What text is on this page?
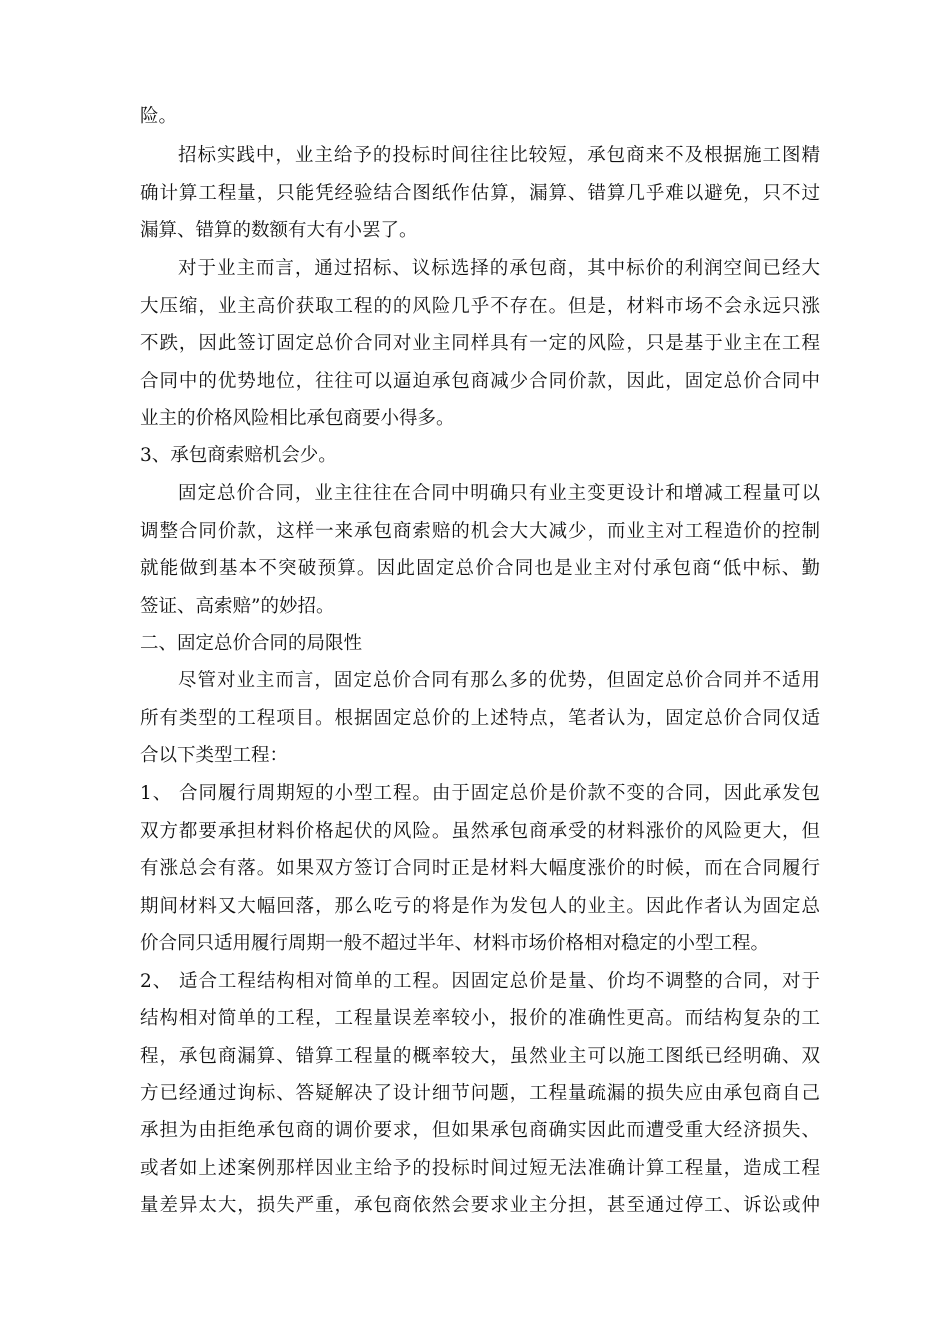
险。
招标实践中，业主给予的投标时间往往比较短，承包商来不及根据施工图精
确计算工程量，只能凭经验结合图纸作估算，漏算、错算几乎难以避免，只不过
漏算、错算的数额有大有小罢了。
对于业主而言，通过招标、议标选择的承包商，其中标价的利润空间已经大
大压缩，业主高价获取工程的的风险几乎不存在。但是，材料市场不会永远只涨
不跌，因此签订固定总价合同对业主同样具有一定的风险，只是基于业主在工程
合同中的优势地位，往往可以逼迫承包商减少合同价款，因此，固定总价合同中
业主的价格风险相比承包商要小得多。
3、承包商索赔机会少。
固定总价合同，业主往往在合同中明确只有业主变更设计和增减工程量可以
调整合同价款，这样一来承包商索赔的机会大大减少，而业主对工程造价的控制
就能做到基本不突破预算。因此固定总价合同也是业主对付承包商“低中标、勤
签证、高索赔”的妙招。
二、固定总价合同的局限性
尽管对业主而言，固定总价合同有那么多的优势，但固定总价合同并不适用
所有类型的工程项目。根据固定总价的上述特点，笔者认为，固定总价合同仅适
合以下类型工程：
1、 合同履行周期短的小型工程。由于固定总价是价款不变的合同，因此承发包
双方都要承担材料价格起伏的风险。虽然承包商承受的材料涨价的风险更大，但
有涨总会有落。如果双方签订合同时正是材料大幅度涨价的时候，而在合同履行
期间材料又大幅回落，那么吃亏的将是作为发包人的业主。因此作者认为固定总
价合同只适用履行周期一般不超过半年、材料市场价格相对稳定的小型工程。
2、 适合工程结构相对简单的工程。因固定总价是量、价均不调整的合同，对于
结构相对简单的工程，工程量误差率较小，报价的准确性更高。而结构复杂的工
程，承包商漏算、错算工程量的概率较大，虽然业主可以施工图纸已经明确、双
方已经通过询标、答疑解决了设计细节问题，工程量疏漏的损失应由承包商自己
承担为由拒绝承包商的调价要求，但如果承包商确实因此而遭受重大经济损失、
或者如上述案例那样因业主给予的投标时间过短无法准确计算工程量，造成工程
量差异太大，损失严重，承包商依然会要求业主分担，甚至通过停工、诉讼或仲
